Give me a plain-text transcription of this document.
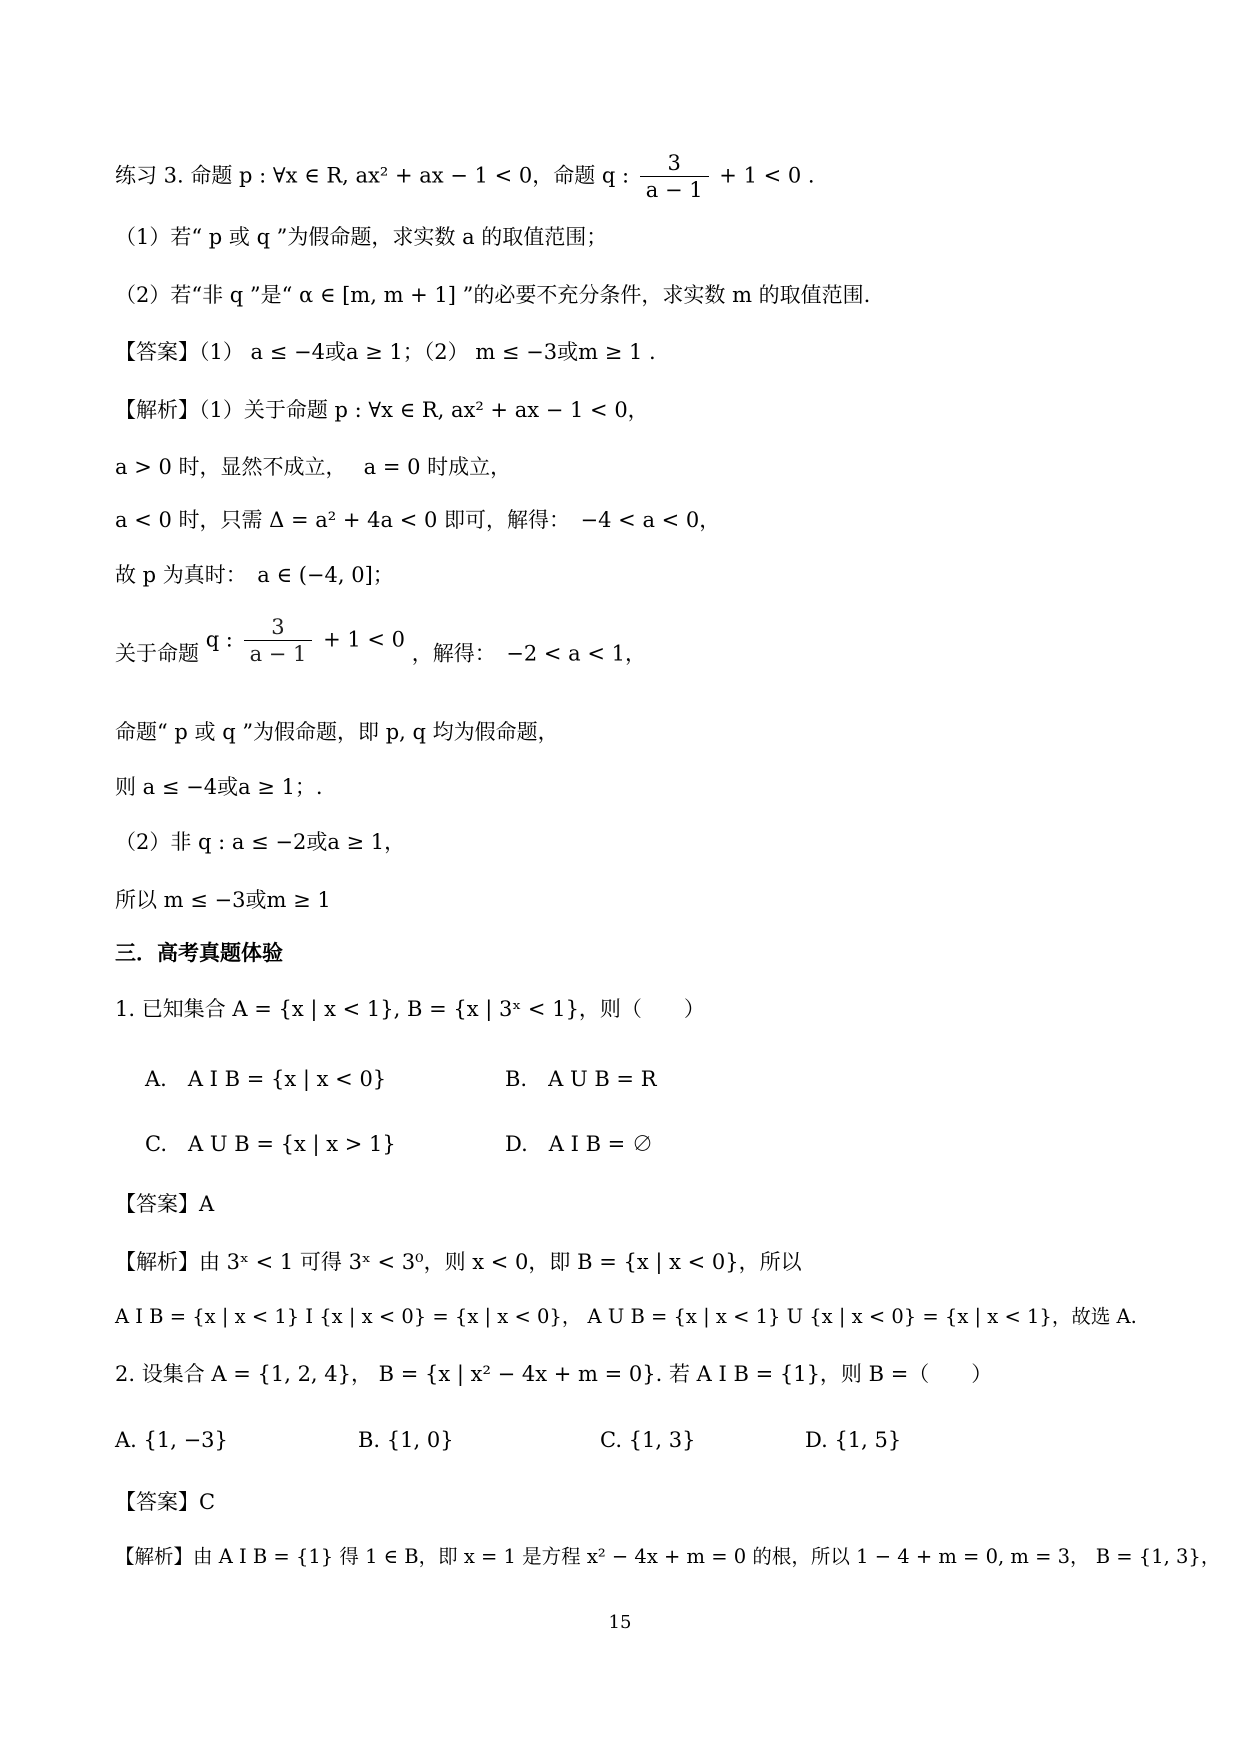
练习 3. 命题 p : ∀x ∈ R, ax² + ax − 1 < 0，命题 q : $\frac{3}{a - 1} + 1 < 0$ .
（1）若“ p 或 q ”为假命题，求实数 a 的取值范围；
（2）若“非 q ”是“ α ∈ [m, m + 1] ”的必要不充分条件，求实数 m 的取值范围.
【答案】（1） a ≤ −4或a ≥ 1；（2） m ≤ −3或m ≥ 1 .
【解析】（1）关于命题 p : ∀x ∈ R, ax² + ax − 1 < 0，
a > 0 时，显然不成立，　 a = 0 时成立，
a < 0 时，只需 Δ = a² + 4a < 0 即可，解得：　−4 < a < 0，
故 p 为真时：　a ∈ (−4, 0]；
关于命题 q : $\frac{3}{a - 1} + 1 < 0$ ，解得：　−2 < a < 1，
命题“ p 或 q ”为假命题，即 p, q 均为假命题，
则 a ≤ −4或a ≥ 1；.
（2）非 q : a ≤ −2或a ≥ 1，
所以 m ≤ −3或m ≥ 1
三．高考真题体验
1. 已知集合 A = {x | x < 1}, B = {x | 3ˣ < 1}，则（　　）
A.　A I B = {x | x < 0}	B.　A U B = R
C.　A U B = {x | x > 1}	D.　A I B = ∅
【答案】A
【解析】由 3ˣ < 1 可得 3ˣ < 3⁰，则 x < 0，即 B = {x | x < 0}，所以
A I B = {x | x < 1} I {x | x < 0} = {x | x < 0}， A U B = {x | x < 1} U {x | x < 0} = {x | x < 1}，故选 A.
2. 设集合 A = {1, 2, 4}， B = {x | x² − 4x + m = 0}. 若 A I B = {1}，则 B =（　　）
A. {1, −3}	B. {1, 0}	C. {1, 3}	D. {1, 5}
【答案】C
【解析】由 A I B = {1} 得 1 ∈ B，即 x = 1 是方程 x² − 4x + m = 0 的根，所以 1 − 4 + m = 0, m = 3， B = {1, 3}，
15
